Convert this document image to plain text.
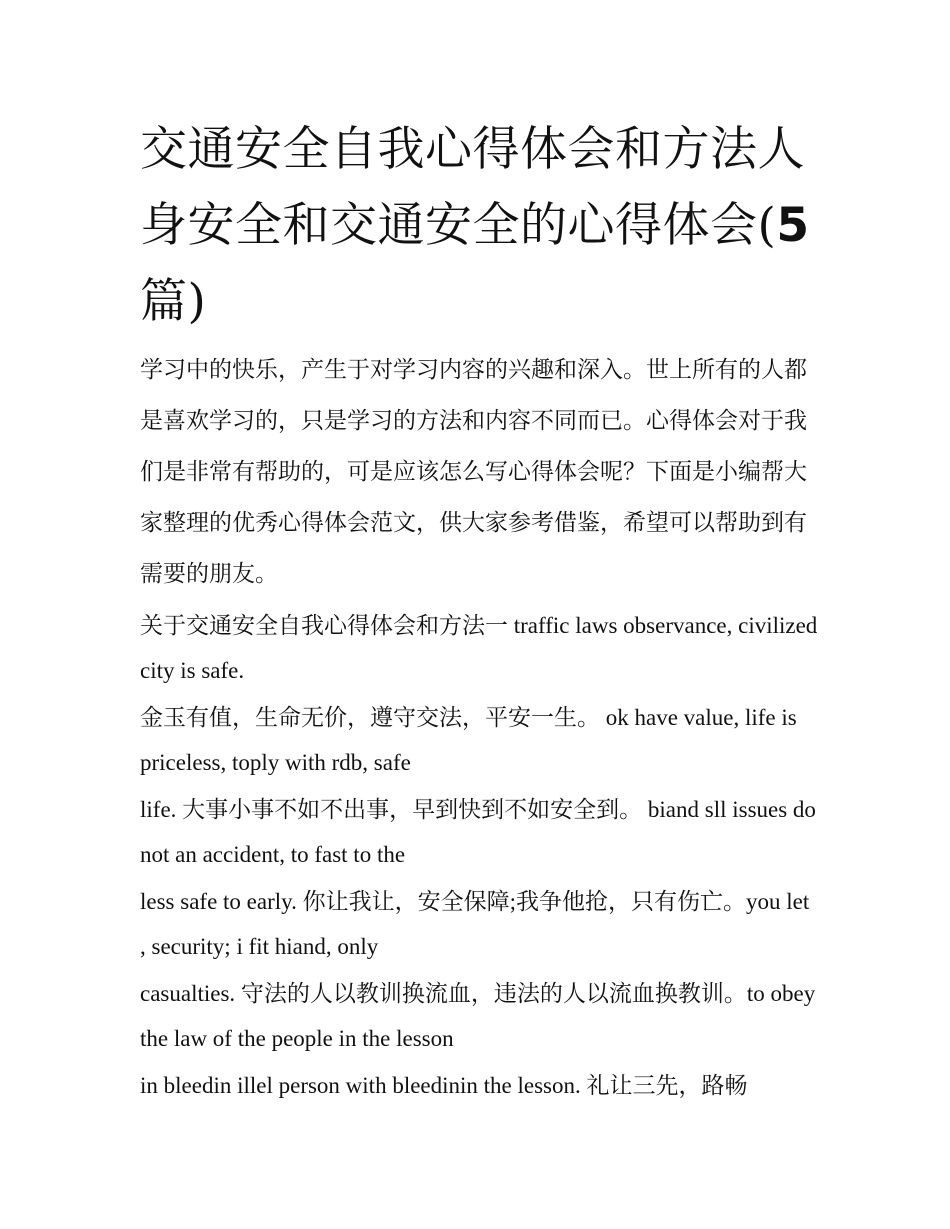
交通安全自我心得体会和方法人身安全和交通安全的心得体会(5 篇)

学习中的快乐，产生于对学习内容的兴趣和深入。世上所有的人都是喜欢学习的，只是学习的方法和内容不同而已。心得体会对于我们是非常有帮助的，可是应该怎么写心得体会呢？下面是小编帮大家整理的优秀心得体会范文，供大家参考借鉴，希望可以帮助到有需要的朋友。

关于交通安全自我心得体会和方法一 traffic laws observance, civilized city is safe.

金玉有值，生命无价，遵守交法，平安一生。 ok have value, life is priceless, toply with rdb, safe

life. 大事小事不如不出事，早到快到不如安全到。 biand sll issues do not an accident, to fast to the

less safe to early. 你让我让，安全保障;我争他抢，只有伤亡。you let , security; i fit hiand, only

casualties. 守法的人以教训换流血，违法的人以流血换教训。to obey the law of the people in the lesson

in bleedin illel person with bleedinin the lesson. 礼让三先，路畅
